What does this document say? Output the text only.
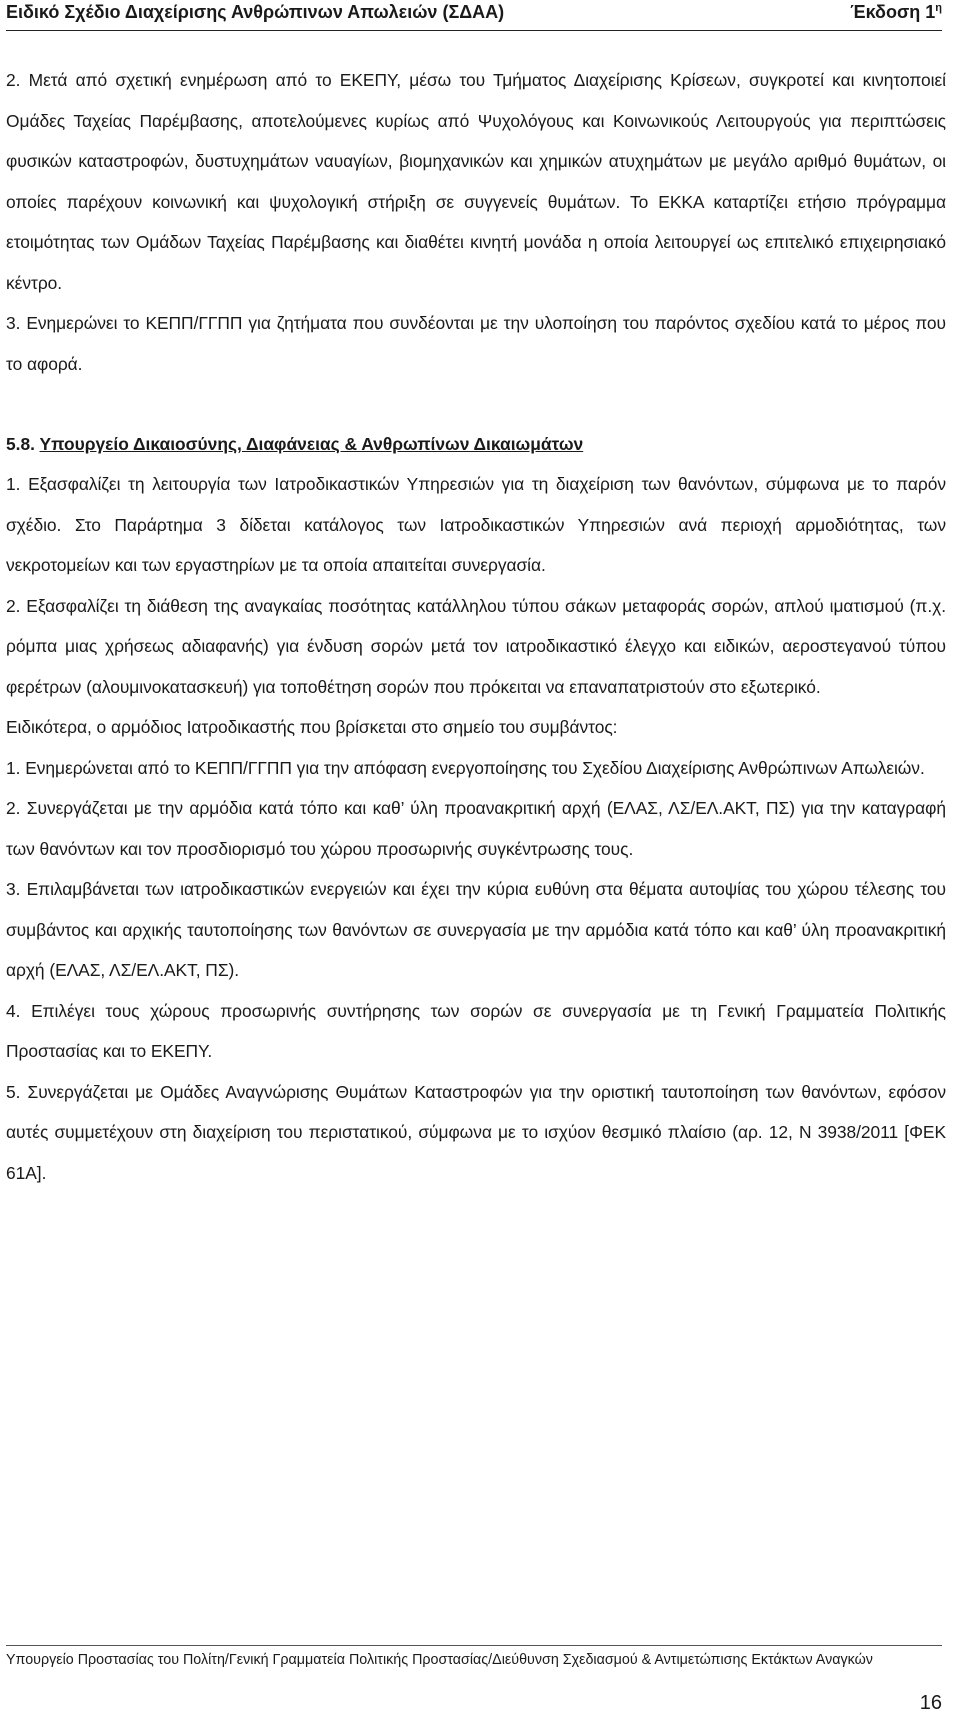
Ειδικό Σχέδιο Διαχείρισης Ανθρώπινων Απωλειών (ΣΔΑΑ)	Έκδοση $1^\eta$

2. Μετά από σχετική ενημέρωση από το ΕΚΕΠΥ, μέσω του Τμήματος Διαχείρισης Κρίσεων, συγκροτεί και κινητοποιεί Ομάδες Ταχείας Παρέμβασης, αποτελούμενες κυρίως από Ψυχολόγους και Κοινωνικούς Λειτουργούς για περιπτώσεις φυσικών καταστροφών, δυστυχημάτων ναυαγίων, βιομηχανικών και χημικών ατυχημάτων με μεγάλο αριθμό θυμάτων, οι οποίες παρέχουν κοινωνική και ψυχολογική στήριξη σε συγγενείς θυμάτων. Το ΕΚΚΑ καταρτίζει ετήσιο πρόγραμμα ετοιμότητας των Ομάδων Ταχείας Παρέμβασης και διαθέτει κινητή μονάδα η οποία λειτουργεί ως επιτελικό επιχειρησιακό κέντρο.

3. Ενημερώνει το ΚΕΠΠ/ΓΓΠΠ για ζητήματα που συνδέονται με την υλοποίηση του παρόντος σχεδίου κατά το μέρος που το αφορά.

5.8. Υπουργείο Δικαιοσύνης, Διαφάνειας & Ανθρωπίνων Δικαιωμάτων

1. Εξασφαλίζει τη λειτουργία των Ιατροδικαστικών Υπηρεσιών για τη διαχείριση των θανόντων, σύμφωνα με το παρόν σχέδιο. Στο Παράρτημα 3 δίδεται κατάλογος των Ιατροδικαστικών Υπηρεσιών ανά περιοχή αρμοδιότητας, των νεκροτομείων και των εργαστηρίων με τα οποία απαιτείται συνεργασία.

2. Εξασφαλίζει τη διάθεση της αναγκαίας ποσότητας κατάλληλου τύπου σάκων μεταφοράς σορών, απλού ιματισμού (π.χ. ρόμπα μιας χρήσεως αδιαφανής) για ένδυση σορών μετά τον ιατροδικαστικό έλεγχο και ειδικών, αεροστεγανού τύπου φερέτρων (αλουμινοκατασκευή) για τοποθέτηση σορών που πρόκειται να επαναπατριστούν στο εξωτερικό.

Ειδικότερα, ο αρμόδιος Ιατροδικαστής που βρίσκεται στο σημείο του συμβάντος:

1. Ενημερώνεται από το ΚΕΠΠ/ΓΓΠΠ για την απόφαση ενεργοποίησης του Σχεδίου Διαχείρισης Ανθρώπινων Απωλειών.

2. Συνεργάζεται με την αρμόδια κατά τόπο και καθ’ ύλη προανακριτική αρχή (ΕΛΑΣ, ΛΣ/ΕΛ.ΑΚΤ, ΠΣ) για την καταγραφή των θανόντων και τον προσδιορισμό του χώρου προσωρινής συγκέντρωσης τους.

3. Επιλαμβάνεται των ιατροδικαστικών ενεργειών και έχει την κύρια ευθύνη στα θέματα αυτοψίας του χώρου τέλεσης του συμβάντος και αρχικής ταυτοποίησης των θανόντων σε συνεργασία με την αρμόδια κατά τόπο και καθ’ ύλη προανακριτική αρχή (ΕΛΑΣ, ΛΣ/ΕΛ.ΑΚΤ, ΠΣ).

4. Επιλέγει τους χώρους προσωρινής συντήρησης των σορών σε συνεργασία με τη Γενική Γραμματεία Πολιτικής Προστασίας και το ΕΚΕΠΥ.

5. Συνεργάζεται με Ομάδες Αναγνώρισης Θυμάτων Καταστροφών για την οριστική ταυτοποίηση των θανόντων, εφόσον αυτές συμμετέχουν στη διαχείριση του περιστατικού, σύμφωνα με το ισχύον θεσμικό πλαίσιο (αρ. 12, Ν 3938/2011 [ΦΕΚ 61Α].

Υπουργείο Προστασίας του Πολίτη/Γενική Γραμματεία Πολιτικής Προστασίας/Διεύθυνση Σχεδιασμού & Αντιμετώπισης Εκτάκτων Αναγκών
16
